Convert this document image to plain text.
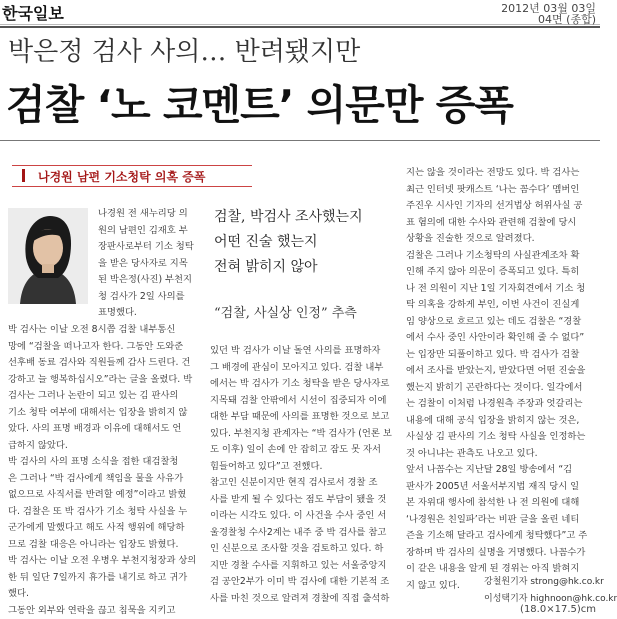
한국일보	2012년 03월 03일
04면 (종합)
박은정 검사 사의… 반려됐지만
검찰 ‘노 코멘트’ 의문만 증폭
나경원 남편 기소청탁 의혹 증폭

나경원 전 새누리당 의

원의 남편인 김재호 부

장판사로부터 기소 청탁

을 받은 당사자로 지목

된 박은정(사진) 부천지

청 검사가 2일 사의를

표명했다.

박 검사는 이날 오전 8시쯤 검찰 내부통신

망에 “검찰을 떠나고자 한다. 그동안 도와준

선후배 동료 검사와 직원들께 감사 드린다. 건

강하고 늘 행복하십시오”라는 글을 올렸다. 박

검사는 그러나 논란이 되고 있는 김 판사의

기소 청탁 여부에 대해서는 입장을 밝히지 않

았다. 사의 표명 배경과 이유에 대해서도 언

급하지 않았다.

박 검사의 사의 표명 소식을 접한 대검찰청

은 그러나 “박 검사에게 책임을 물을 사유가

없으므로 사직서를 반려할 예정”이라고 밝혔

다. 검찰은 또 박 검사가 기소 청탁 사실을 누

군가에게 말했다고 해도 사적 행위에 해당하

므로 검찰 대응은 아니라는 입장도 밝혔다.

박 검사는 이날 오전 우병우 부천지청장과 상의

한 뒤 일단 7일까지 휴가를 내기로 하고 귀가

했다.

그동안 외부와 연락을 끊고 침묵을 지키고

검찰, 박검사 조사했는지
어떤 진술 했는지
전혀 밝히지 않아
“검찰, 사실상 인정” 추측

있던 박 검사가 이날 돌연 사의를 표명하자

그 배경에 관심이 모아지고 있다. 검찰 내부

에서는 박 검사가 기소 청탁을 받은 당사자로

지목돼 검찰 안팎에서 시선이 집중되자 이에

대한 부담 때문에 사의를 표명한 것으로 보고

있다. 부천지청 관계자는 “박 검사가 (언론 보

도 이후) 일이 손에 안 잡히고 잠도 못 자서

힘들어하고 있다”고 전했다.

참고인 신분이지만 현직 검사로서 경찰 조

사를 받게 될 수 있다는 점도 부담이 됐을 것

이라는 시각도 있다. 이 사건을 수사 중인 서

울경찰청 수사2계는 내주 중 박 검사를 참고

인 신분으로 조사할 것을 검토하고 있다. 하

지만 경찰 수사를 지휘하고 있는 서울중앙지

검 공안2부가 이미 박 검사에 대한 기본적 조

사를 마친 것으로 알려져 경찰에 직접 출석하

지는 않을 것이라는 전망도 있다. 박 검사는

최근 인터넷 팟캐스트 ‘나는 꼼수다’ 멤버인

주진우 시사인 기자의 선거법상 허위사실 공

표 혐의에 대한 수사와 관련해 검찰에 당시

상황을 진술한 것으로 알려졌다.

검찰은 그러나 기소청탁의 사실관계조차 확

인해 주지 않아 의문이 증폭되고 있다. 특히

나 전 의원이 지난 1일 기자회견에서 기소 청

탁 의혹을 강하게 부인, 이번 사건이 진실게

임 양상으로 흐르고 있는 데도 검찰은 “경찰

에서 수사 중인 사안이라 확인해 줄 수 없다”

는 입장만 되풀이하고 있다. 박 검사가 검찰

에서 조사를 받았는지, 받았다면 어떤 진술을

했는지 밝히기 곤란하다는 것이다. 일각에서

는 검찰이 이처럼 나경원측 주장과 엇갈리는

내용에 대해 공식 입장을 밝히지 않는 것은,

사실상 김 판사의 기소 청탁 사실을 인정하는

것 아니냐는 관측도 나오고 있다.

앞서 나꼼수는 지난달 28일 방송에서 “김

판사가 2005년 서울서부지법 재직 당시 일

본 자위대 행사에 참석한 나 전 의원에 대해

‘나경원은 친일파’라는 비판 글을 올린 네티

즌을 기소해 달라고 검사에게 청탁했다”고 주

장하며 박 검사의 실명을 거명했다. 나꼼수가

이 같은 내용을 알게 된 경위는 아직 밝혀지

지 않고 있다.	강철원기자 strong@hk.co.kr
이성택기자 highnoon@hk.co.kr
(18.0×17.5)cm
